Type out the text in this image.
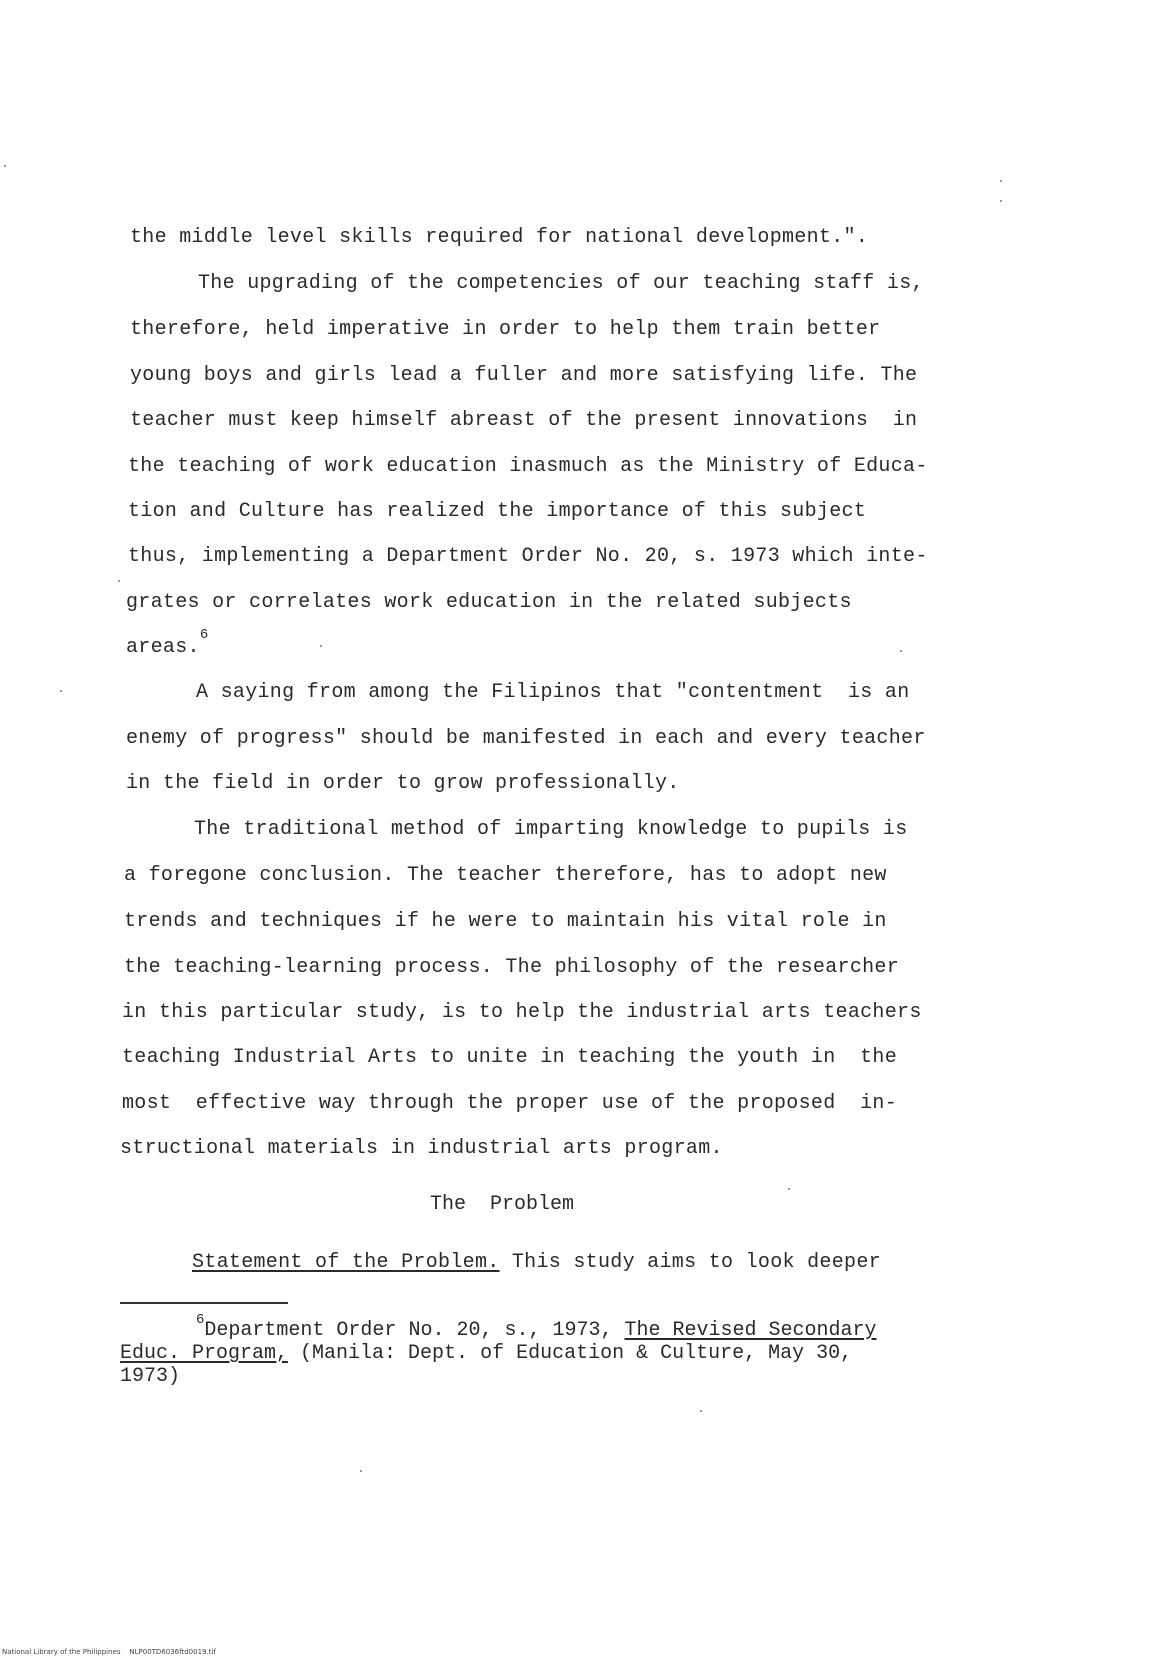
the middle level skills required for national development.".
The upgrading of the competencies of our teaching staff is,
therefore, held imperative in order to help them train better
young boys and girls lead a fuller and more satisfying life. The
teacher must keep himself abreast of the present innovations  in
the teaching of work education inasmuch as the Ministry of Educa-
tion and Culture has realized the importance of this subject
thus, implementing a Department Order No. 20, s. 1973 which inte-
grates or correlates work education in the related subjects
areas.$^6$
A saying from among the Filipinos that "contentment  is an
enemy of progress" should be manifested in each and every teacher
in the field in order to grow professionally.
The traditional method of imparting knowledge to pupils is
a foregone conclusion. The teacher therefore, has to adopt new
trends and techniques if he were to maintain his vital role in
the teaching-learning process. The philosophy of the researcher
in this particular study, is to help the industrial arts teachers
teaching Industrial Arts to unite in teaching the youth in  the
most  effective way through the proper use of the proposed  in-
structional materials in industrial arts program.
The  Problem
Statement of the Problem. This study aims to look deeper
$^6$Department Order No. 20, s., 1973, The Revised Secondary
Educ. Program, (Manila: Dept. of Education & Culture, May 30,
1973)
National Library of the Philippines    NLP00TD6036ftd0019.tif
